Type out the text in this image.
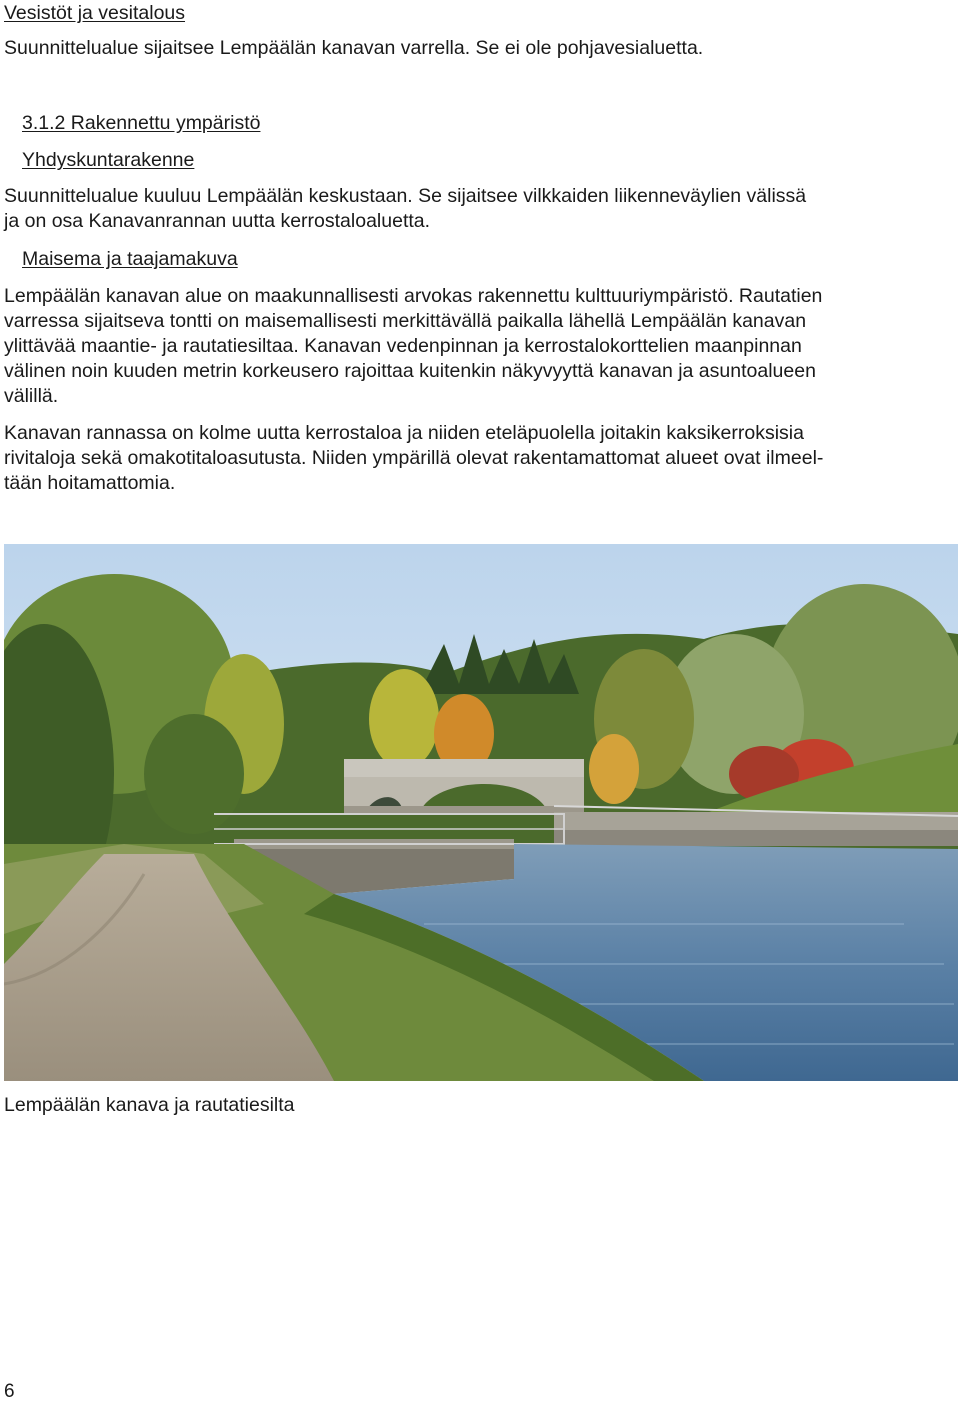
Vesistöt ja vesitalous

Suunnittelualue sijaitsee Lempäälän kanavan varrella. Se ei ole pohjavesialuetta.

3.1.2 Rakennettu ympäristö

Yhdyskuntarakenne

Suunnittelualue kuuluu Lempäälän keskustaan. Se sijaitsee vilkkaiden liikenneväylien välissä
ja on osa Kanavanrannan uutta kerrostaloaluetta.

Maisema ja taajamakuva

Lempäälän kanavan alue on maakunnallisesti arvokas rakennettu kulttuuriympäristö. Rautatien
varressa sijaitseva tontti on maisemallisesti merkittävällä paikalla lähellä Lempäälän kanavan
ylittävää maantie- ja rautatiesiltaa. Kanavan vedenpinnan ja kerrostalokorttelien maanpinnan
välinen noin kuuden metrin korkeusero rajoittaa kuitenkin näkyvyyttä kanavan ja asuntoalueen
välillä.
Kanavan rannassa on kolme uutta kerrostaloa ja niiden eteläpuolella joitakin kaksikerroksisia
rivitaloja sekä omakotitaloasutusta. Niiden ympärillä olevat rakentamattomat alueet ovat ilmeel-
tään hoitamattomia.

Lempäälän kanava ja rautatiesilta

6
